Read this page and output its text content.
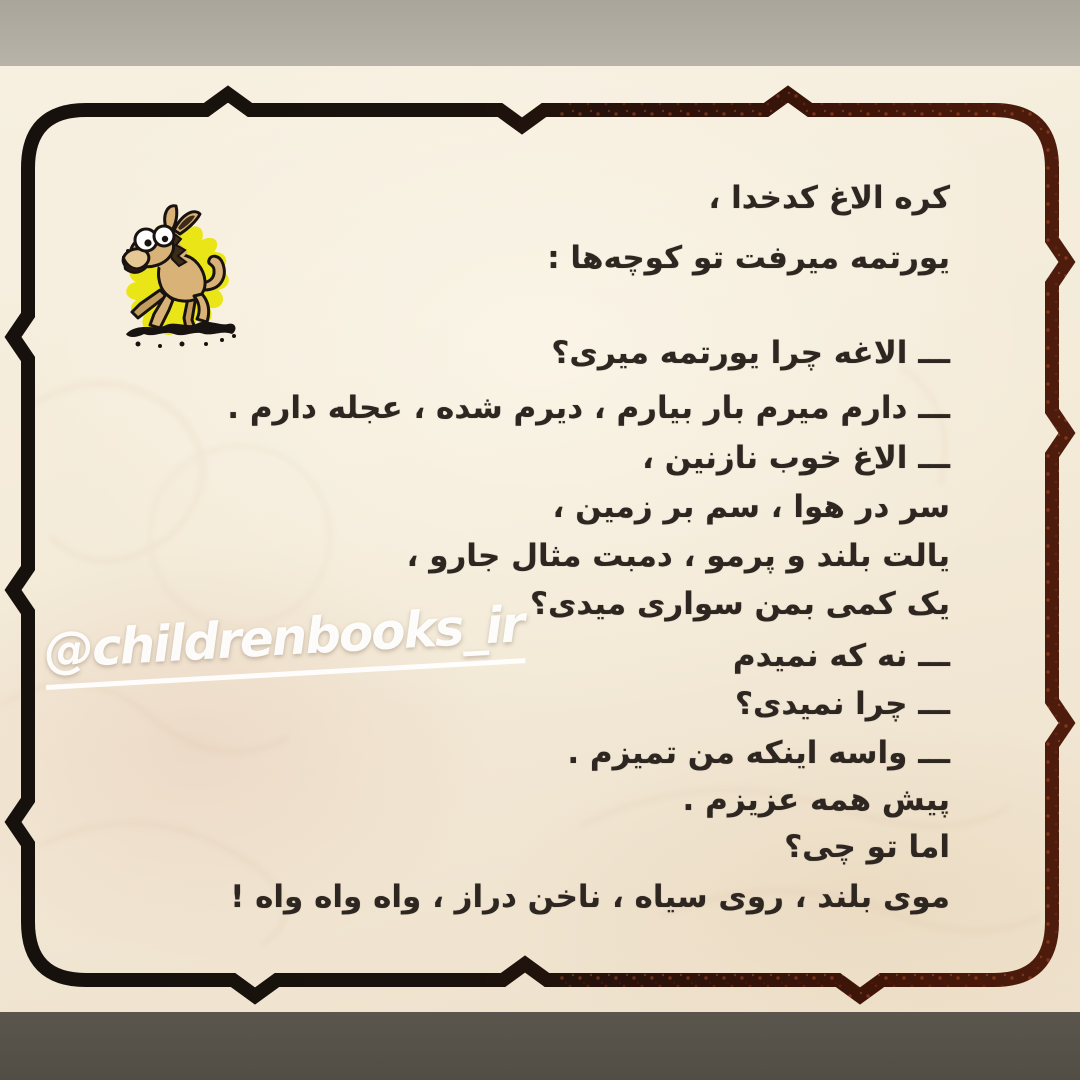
کره الاغ کدخدا ،
یورتمه میرفت تو کوچه‌ها :
ـــ الاغه چرا یورتمه میری؟
ـــ دارم میرم بار بیارم ، دیرم شده ، عجله دارم .
ـــ الاغ خوب نازنین ،
سر در هوا ، سم بر زمین ،
یالت بلند و پرمو ، دمبت مثال جارو ،
یک کمی بمن سواری میدی؟
ـــ نه که نمیدم
ـــ چرا نمیدی؟
ـــ واسه اینکه من تمیزم .
پیش همه عزیزم .
اما تو چی؟
موی بلند ، روی سیاه ، ناخن دراز ، واه واه واه !
@childrenbooks_ir
